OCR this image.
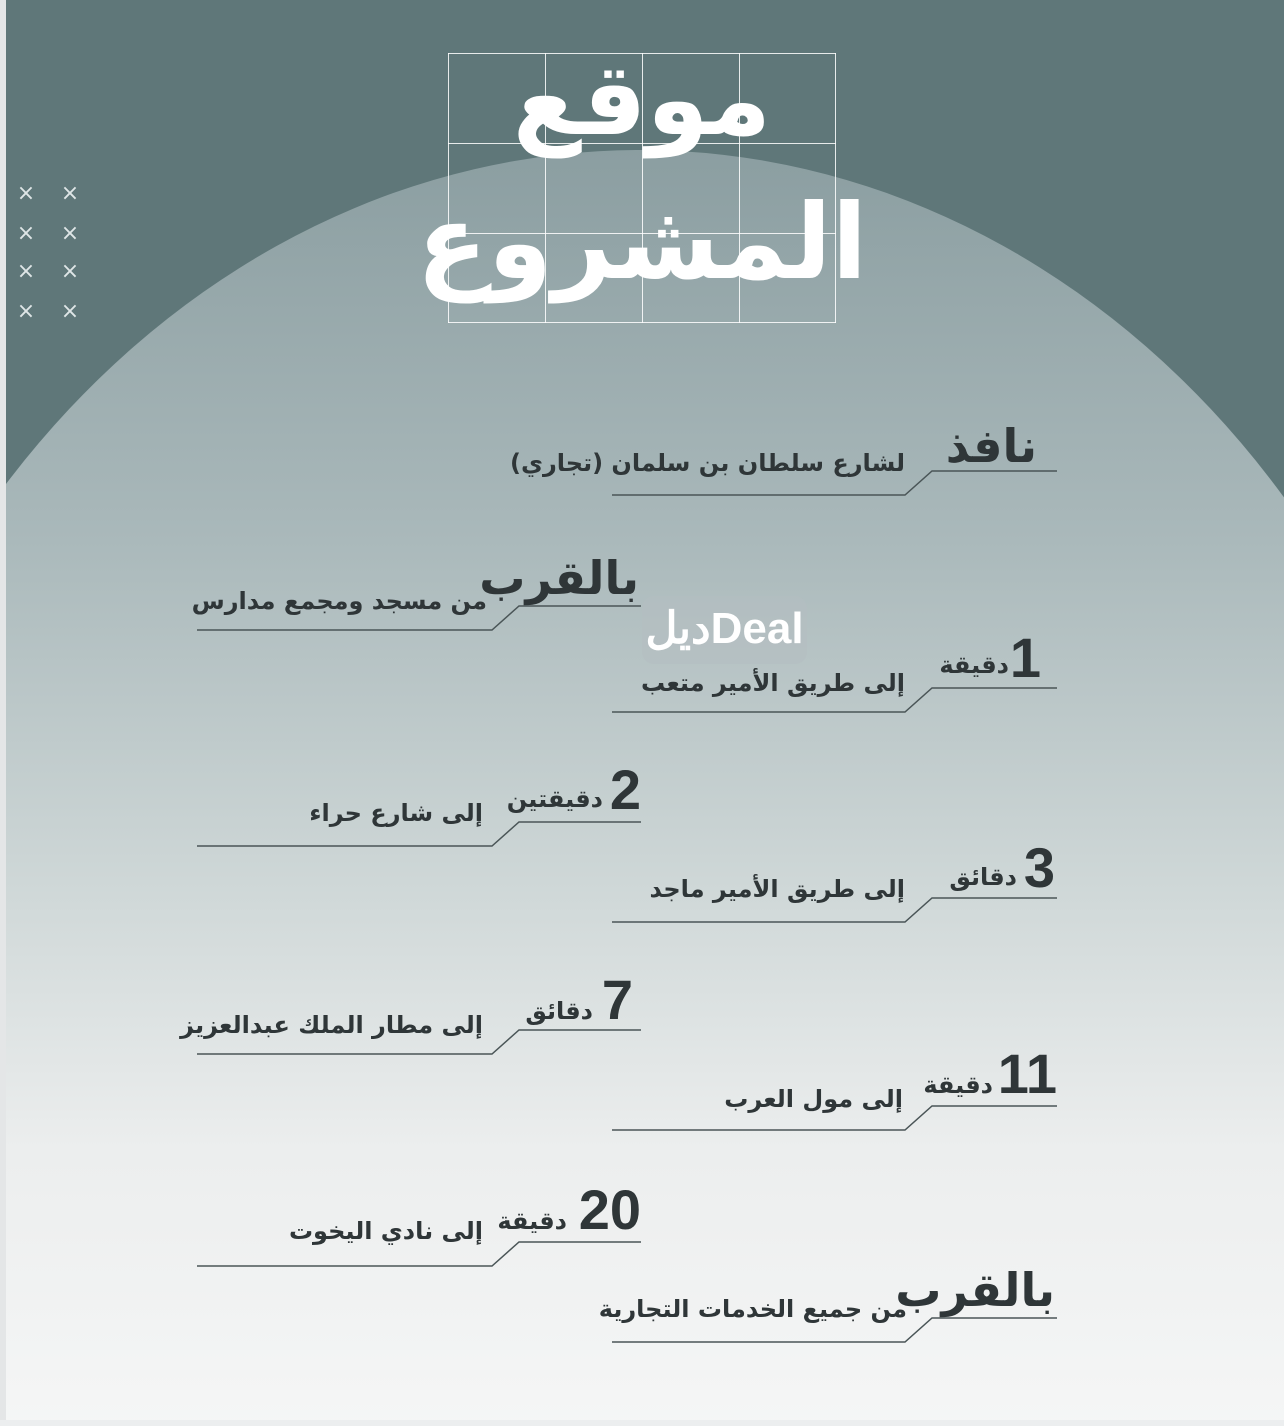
× ×
× ×
× ×
× ×
موقع
المشروع
ديلDeal
نافذ
لشارع سلطان بن سلمان (تجاري)
بالقرب
من مسجد ومجمع مدارس
1
دقيقة
إلى طريق الأمير متعب
2
دقيقتين
إلى شارع حراء
3
دقائق
إلى طريق الأمير ماجد
7
دقائق
إلى مطار الملك عبدالعزيز
11
دقيقة
إلى مول العرب
20
دقيقة
إلى نادي اليخوت
بالقرب
من جميع الخدمات التجارية
